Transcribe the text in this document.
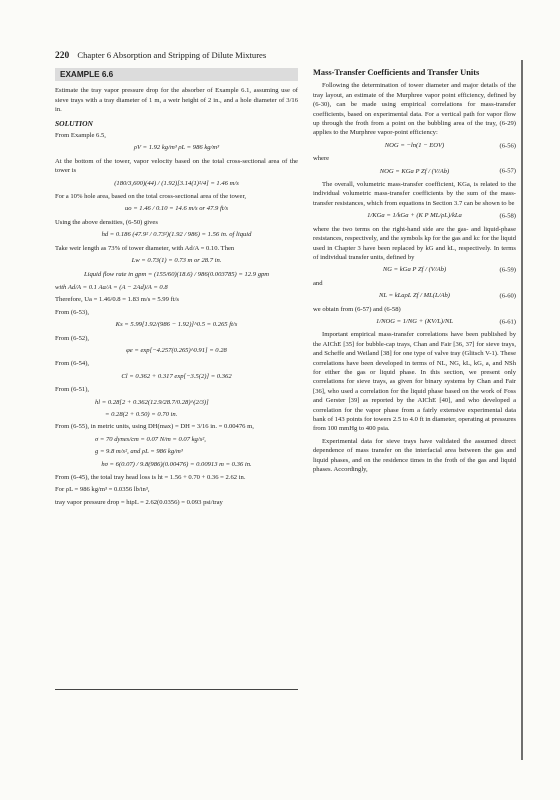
220 Chapter 6 Absorption and Stripping of Dilute Mixtures
EXAMPLE 6.6

Estimate the tray vapor pressure drop for the absorber of Example 6.1, assuming use of sieve trays with a tray diameter of 1 m, a weir height of 2 in., and a hole diameter of 3/16 in.

SOLUTION

From Example 6.5,

ρV = 1.92 kg/m³ ρL = 986 kg/m³

At the bottom of the tower, vapor velocity based on the total cross-sectional area of the tower is

(180/3,600)(44) / (1.92)[3.14(1)²/4] = 1.46 m/s

For a 10% hole area, based on the total cross-sectional area of the tower,

uo = 1.46 / 0.10 = 14.6 m/s or 47.9 ft/s

Using the above densities, (6-50) gives

hd = 0.186 (47.9² / 0.73²)(1.92 / 986) = 1.56 in. of liquid

Take weir length as 73% of tower diameter, with Ad/A = 0.10. Then

Lw = 0.73(1) = 0.73 m or 28.7 in.
Liquid flow rate in gpm = (155/60)(18.6) / 986(0.003785) = 12.9 gpm
with Ad/A = 0.1 Aa/A = (A − 2Ad)/A = 0.8

Therefore, Ua = 1.46/0.8 = 1.83 m/s = 5.99 ft/s

From (6-53),

Ks = 5.99[1.92/(986 − 1.92)]^0.5 = 0.265 ft/s

From (6-52),

φe = exp[−4.257(0.265)^0.91] = 0.28

From (6-54),

Cl = 0.362 + 0.317 exp[−3.5(2)] = 0.362

From (6-51),

hl = 0.28[2 + 0.362(12.9/28.7/0.28)^(2/3)]
= 0.28(2 + 0.50) = 0.70 in.

From (6-55), in metric units, using DH(max) = DH = 3/16 in. = 0.00476 m,

σ = 70 dynes/cm = 0.07 N/m = 0.07 kg/s²,
g = 9.8 m/s², and ρL = 986 kg/m³
hσ = 6(0.07) / 9.8(986)(0.00476) = 0.00913 m = 0.36 in.

From (6-45), the total tray head loss is ht = 1.56 + 0.70 + 0.36 = 2.62 in.

For ρL = 986 kg/m³ = 0.0356 lb/in³,

tray vapor pressure drop = htρL = 2.62(0.0356) = 0.093 psi/tray

Mass-Transfer Coefficients and Transfer Units

Following the determination of tower diameter and major details of the tray layout, an estimate of the Murphree vapor point efficiency, defined by (6-30), can be made using empirical correlations for mass-transfer coefficients, based on experimental data. For a vertical path for vapor flow up through the froth from a point on the bubbling area of the tray, (6-29) applies to the Murphree vapor-point efficiency:

NOG = −ln(1 − EOV)	(6-56)

where

NOG = KGa P Zf / (V/Ab)	(6-57)

The overall, volumetric mass-transfer coefficient, KGa, is related to the individual volumetric mass-transfer coefficients by the sum of the mass-transfer resistances, which from equations in Section 3.7 can be shown to be

1/KGa = 1/kGa + (K P ML/ρL)/kLa	(6-58)

where the two terms on the right-hand side are the gas- and liquid-phase resistances, respectively, and the symbols kp for the gas and kc for the liquid used in Chapter 3 have been replaced by kG and kL, respectively. In terms of individual transfer units, defined by

NG = kGa P Zf / (V/Ab)	(6-59)

and

NL = kLaρL Zf / ML(L/Ab)	(6-60)

we obtain from (6-57) and (6-58)

1/NOG = 1/NG + (KV/L)/NL	(6-61)

Important empirical mass-transfer correlations have been published by the AIChE [35] for bubble-cap trays, Chan and Fair [36, 37] for sieve trays, and Scheffe and Weiland [38] for one type of valve tray (Glitsch V-1). These correlations have been developed in terms of NL, NG, kL, kG, a, and NSh for either the gas or liquid phase. In this section, we present only correlations for sieve trays, as given for binary systems by Chan and Fair [36], who used a correlation for the liquid phase based on the work of Foss and Gerster [39] as reported by the AIChE [40], and who developed a correlation for the vapor phase from a fairly extensive experimental data bank of 143 points for towers 2.5 to 4.0 ft in diameter, operating at pressures from 100 mmHg to 400 psia.

Experimental data for sieve trays have validated the assumed direct dependence of mass transfer on the interfacial area between the gas and liquid phases, and on the residence times in the froth of the gas and liquid phases. Accordingly,
